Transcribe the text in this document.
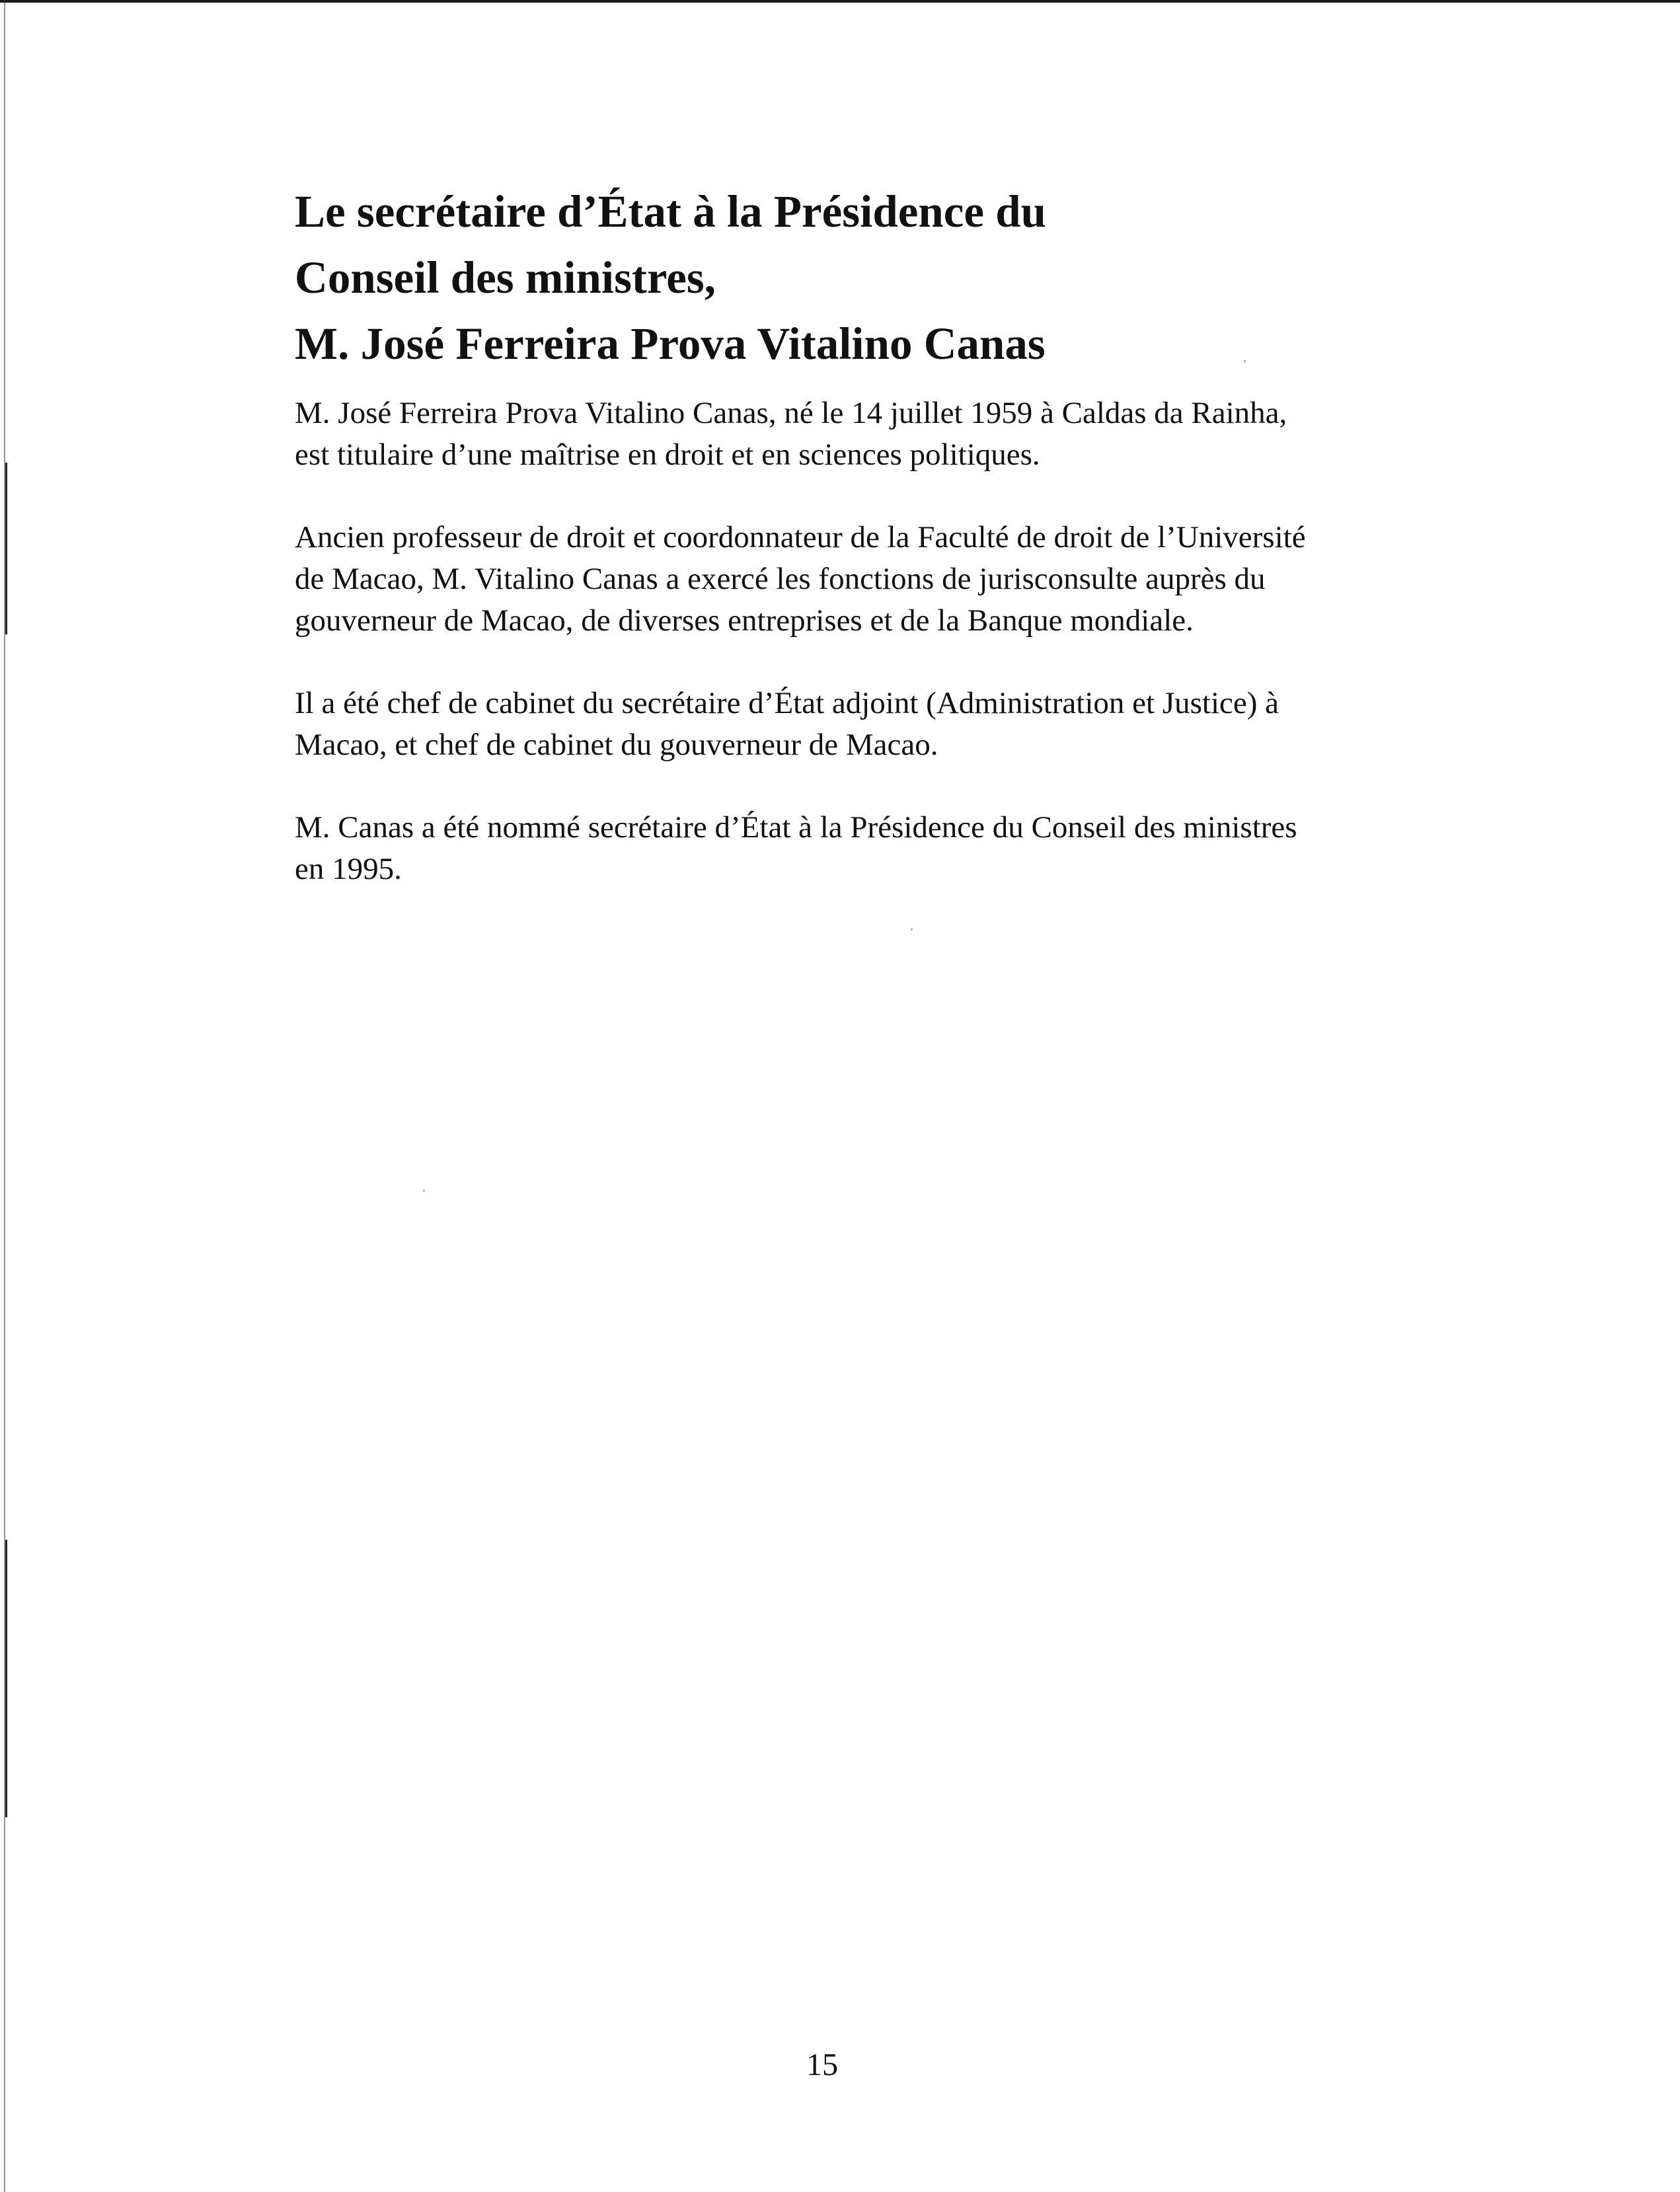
Le secrétaire d’État à la Présidence du
Conseil des ministres,
M. José Ferreira Prova Vitalino Canas

M. José Ferreira Prova Vitalino Canas, né le 14 juillet 1959 à Caldas da Rainha,
est titulaire d’une maîtrise en droit et en sciences politiques.

Ancien professeur de droit et coordonnateur de la Faculté de droit de l’Université
de Macao, M. Vitalino Canas a exercé les fonctions de jurisconsulte auprès du
gouverneur de Macao, de diverses entreprises et de la Banque mondiale.

Il a été chef de cabinet du secrétaire d’État adjoint (Administration et Justice) à
Macao, et chef de cabinet du gouverneur de Macao.

M. Canas a été nommé secrétaire d’État à la Présidence du Conseil des ministres
en 1995.

15
